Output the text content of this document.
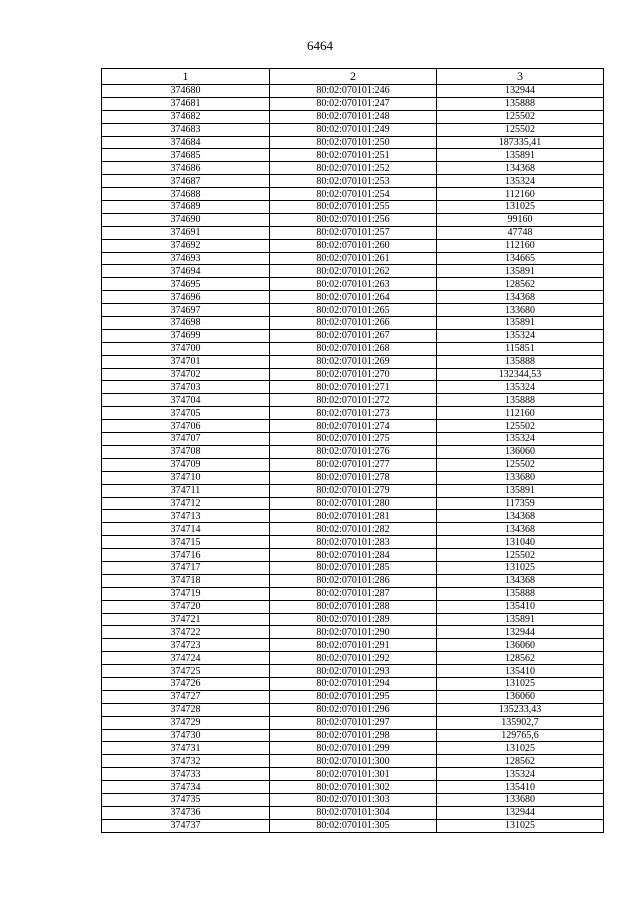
6464
1	2	3
374680	80:02:070101:246	132944
374681	80:02:070101:247	135888
374682	80:02:070101:248	125502
374683	80:02:070101:249	125502
374684	80:02:070101:250	187335,41
374685	80:02:070101:251	135891
374686	80:02:070101:252	134368
374687	80:02:070101:253	135324
374688	80:02:070101:254	112160
374689	80:02:070101:255	131025
374690	80:02:070101:256	99160
374691	80:02:070101:257	47748
374692	80:02:070101:260	112160
374693	80:02:070101:261	134665
374694	80:02:070101:262	135891
374695	80:02:070101:263	128562
374696	80:02:070101:264	134368
374697	80:02:070101:265	133680
374698	80:02:070101:266	135891
374699	80:02:070101:267	135324
374700	80:02:070101:268	115851
374701	80:02:070101:269	135888
374702	80:02:070101:270	132344,53
374703	80:02:070101:271	135324
374704	80:02:070101:272	135888
374705	80:02:070101:273	112160
374706	80:02:070101:274	125502
374707	80:02:070101:275	135324
374708	80:02:070101:276	136060
374709	80:02:070101:277	125502
374710	80:02:070101:278	133680
374711	80:02:070101:279	135891
374712	80:02:070101:280	117359
374713	80:02:070101:281	134368
374714	80:02:070101:282	134368
374715	80:02:070101:283	131040
374716	80:02:070101:284	125502
374717	80:02:070101:285	131025
374718	80:02:070101:286	134368
374719	80:02:070101:287	135888
374720	80:02:070101:288	135410
374721	80:02:070101:289	135891
374722	80:02:070101:290	132944
374723	80:02:070101:291	136060
374724	80:02:070101:292	128562
374725	80:02:070101:293	135410
374726	80:02:070101:294	131025
374727	80:02:070101:295	136060
374728	80:02:070101:296	135233,43
374729	80:02:070101:297	135902,7
374730	80:02:070101:298	129765,6
374731	80:02:070101:299	131025
374732	80:02:070101:300	128562
374733	80:02:070101:301	135324
374734	80:02:070101:302	135410
374735	80:02:070101:303	133680
374736	80:02:070101:304	132944
374737	80:02:070101:305	131025
